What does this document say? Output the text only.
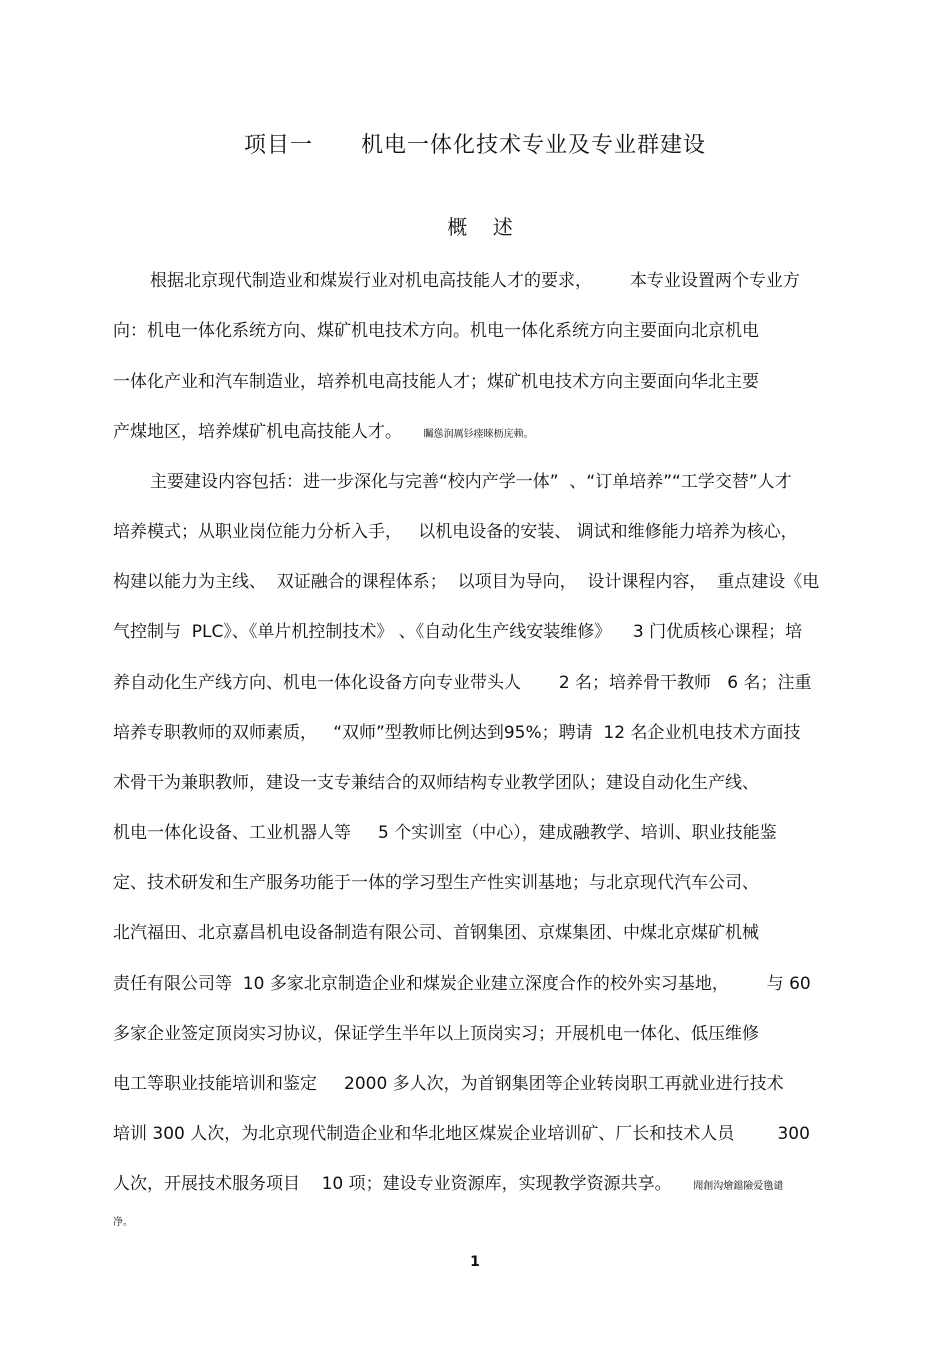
项目一      机电一体化技术专业及专业群建设
概    述
根据北京现代制造业和煤炭行业对机电高技能人才的要求，       本专业设置两个专业方
向：机电一体化系统方向、煤矿机电技术方向。机电一体化系统方向主要面向北京机电
一体化产业和汽车制造业，培养机电高技能人才；煤矿机电技术方向主要面向华北主要
产煤地区，培养煤矿机电高技能人才。 矚慫润厲钐瘗睞枥庑赖。
主要建设内容包括：进一步深化与完善“校内产学一体”  、“订单培养”“工学交替”人才
培养模式；从职业岗位能力分析入手，   以机电设备的安装、 调试和维修能力培养为核心，
构建以能力为主线、  双证融合的课程体系；  以项目为导向，  设计课程内容，  重点建设《电
气控制与  PLC》、《单片机控制技术》 、《自动化生产线安装维修》    3 门优质核心课程；培
养自动化生产线方向、机电一体化设备方向专业带头人       2 名；培养骨干教师   6 名；注重
培养专职教师的双师素质，   “双师”型教师比例达到95%；聘请  12 名企业机电技术方面技
术骨干为兼职教师，建设一支专兼结合的双师结构专业教学团队；建设自动化生产线、
机电一体化设备、工业机器人等     5 个实训室（中心），建成融教学、培训、职业技能鉴
定、技术研发和生产服务功能于一体的学习型生产性实训基地；与北京现代汽车公司、
北汽福田、北京嘉昌机电设备制造有限公司、首钢集团、京煤集团、中煤北京煤矿机械
责任有限公司等  10 多家北京制造企业和煤炭企业建立深度合作的校外实习基地，       与 60
多家企业签定顶岗实习协议，保证学生半年以上顶岗实习；开展机电一体化、低压维修
电工等职业技能培训和鉴定     2000 多人次，为首钢集团等企业转岗职工再就业进行技术
培训 300 人次，为北京现代制造企业和华北地区煤炭企业培训矿、厂长和技术人员        300
人次，开展技术服务项目    10 项；建设专业资源库，实现教学资源共享。 聞創沟燴鐺險爱氇谴
净。
1
